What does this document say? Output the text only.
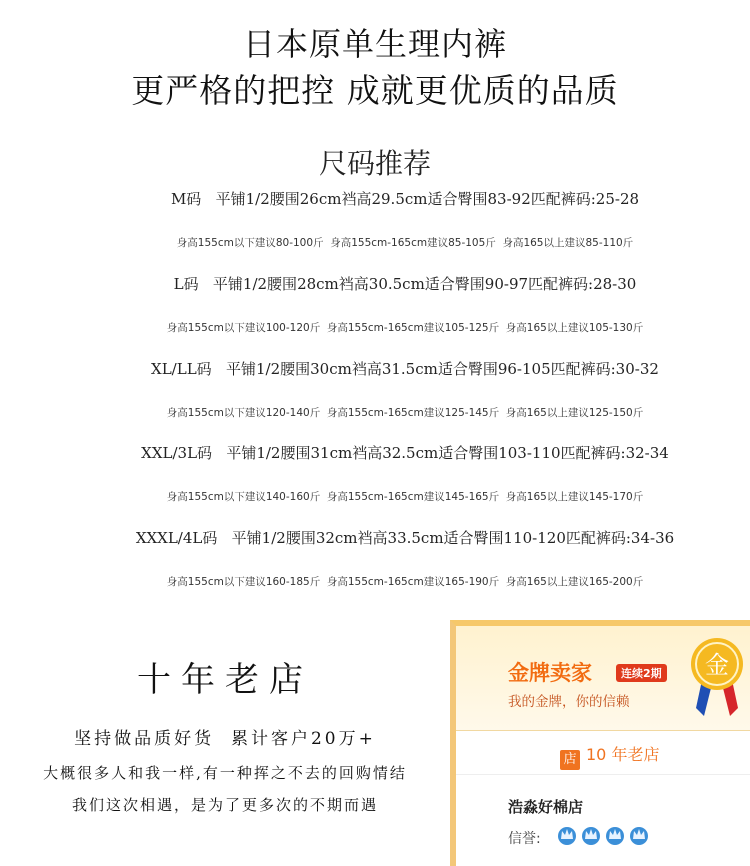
日本原单生理内裤
更严格的把控 成就更优质的品质
尺码推荐
M码   平铺1/2腰围26cm裆高29.5cm适合臀围83-92匹配裤码:25-28
身高155cm以下建议80-100斤  身高155cm-165cm建议85-105斤  身高165以上建议85-110斤
L码   平铺1/2腰围28cm裆高30.5cm适合臀围90-97匹配裤码:28-30
身高155cm以下建议100-120斤  身高155cm-165cm建议105-125斤  身高165以上建议105-130斤
XL/LL码   平铺1/2腰围30cm裆高31.5cm适合臀围96-105匹配裤码:30-32
身高155cm以下建议120-140斤  身高155cm-165cm建议125-145斤  身高165以上建议125-150斤
XXL/3L码   平铺1/2腰围31cm裆高32.5cm适合臀围103-110匹配裤码:32-34
身高155cm以下建议140-160斤  身高155cm-165cm建议145-165斤  身高165以上建议145-170斤
XXXL/4L码   平铺1/2腰围32cm裆高33.5cm适合臀围110-120匹配裤码:34-36
身高155cm以下建议160-185斤  身高155cm-165cm建议165-190斤  身高165以上建议165-200斤
十年老店
坚持做品质好货  累计客户20万+
大概很多人和我一样,有一种挥之不去的回购情结
我们这次相遇，是为了更多次的不期而遇
金牌卖家	连续2期
我的金牌，你的信赖
金
店 10 年老店
浩淼好棉店
信誉:
